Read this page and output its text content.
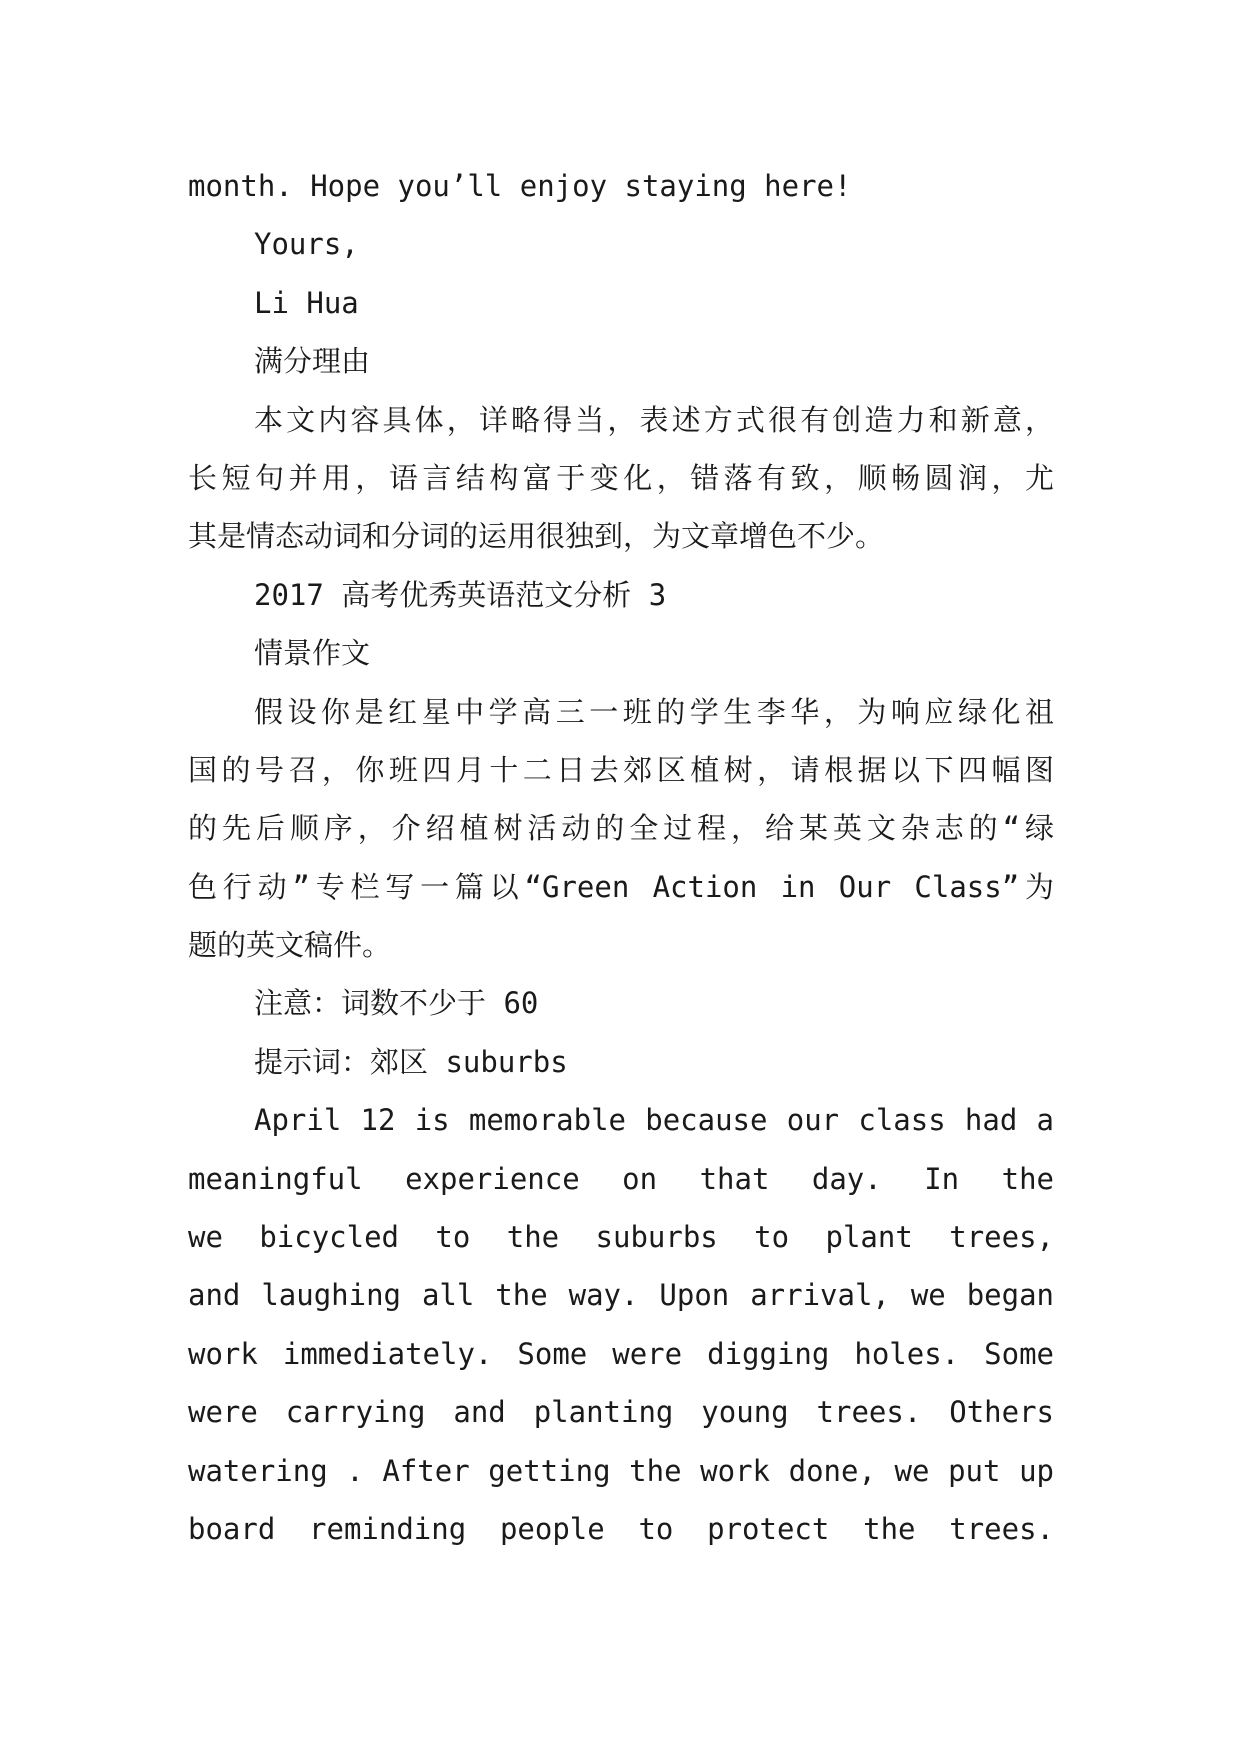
month. Hope you’ll enjoy staying here!
Yours,
Li Hua
满分理由
本文内容具体，详略得当，表述方式很有创造力和新意，
长短句并用，语言结构富于变化，错落有致，顺畅圆润，尤
其是情态动词和分词的运用很独到，为文章增色不少。
2017 高考优秀英语范文分析 3
情景作文
假设你是红星中学高三一班的学生李华，为响应绿化祖
国的号召，你班四月十二日去郊区植树，请根据以下四幅图
的先后顺序，介绍植树活动的全过程，给某英文杂志的“绿
色行动”专栏写一篇以“Green Action in Our Class”为
题的英文稿件。
注意：词数不少于 60
提示词：郊区 suburbs
April 12 is memorable because our class had a
meaningful experience on that day. In the
we bicycled to the suburbs to plant trees,
and laughing all the way. Upon arrival, we began
work immediately. Some were digging holes. Some
were carrying and planting young trees. Others
watering . After getting the work done, we put up
board reminding people to protect the trees.
